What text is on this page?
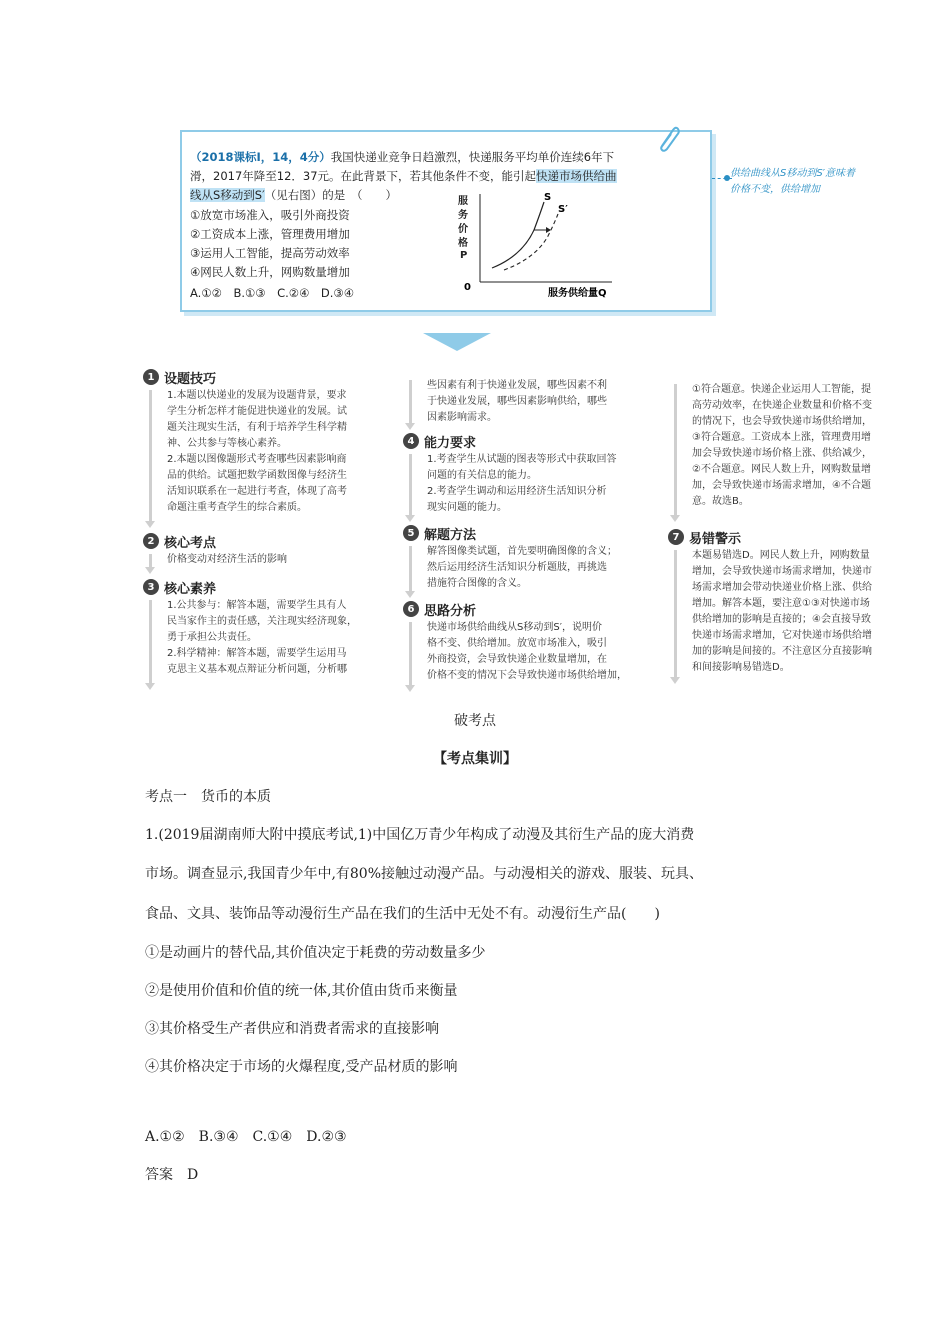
（2018课标Ⅰ，14，4分）我国快递业竞争日趋激烈，快递服务平均单价连续6年下
滑，2017年降至12．37元。在此背景下，若其他条件不变，能引起快递市场供给曲
线从S移动到S′（见右图）的是　（　　）
①放宽市场准入，吸引外商投资
②工资成本上涨，管理费用增加
③运用人工智能，提高劳动效率
④网民人数上升，网购数量增加
A.①②　B.①③　C.②④　D.③④
服
务
价
格
P
0
服务供给量Q
S
S′
供给曲线从S移动到S′意味着
价格不变，供给增加
1 设题技巧

1.本题以快递业的发展为设题背景，要求

学生分析怎样才能促进快递业的发展。试

题关注现实生活，有利于培养学生科学精

神、公共参与等核心素养。

2.本题以图像题形式考查哪些因素影响商

品的供给。试题把数学函数图像与经济生

活知识联系在一起进行考查，体现了高考

命题注重考查学生的综合素质。

2 核心考点

价格变动对经济生活的影响

3 核心素养

1.公共参与：解答本题，需要学生具有人

民当家作主的责任感，关注现实经济现象，

勇于承担公共责任。

2.科学精神：解答本题，需要学生运用马

克思主义基本观点辩证分析问题，分析哪

些因素有利于快递业发展，哪些因素不利

于快递业发展，哪些因素影响供给，哪些

因素影响需求。

4 能力要求

1.考查学生从试题的图表等形式中获取回答

问题的有关信息的能力。

2.考查学生调动和运用经济生活知识分析

现实问题的能力。

5 解题方法

解答图像类试题，首先要明确图像的含义；

然后运用经济生活知识分析题肢，再挑选

措施符合图像的含义。

6 思路分析

快递市场供给曲线从S移动到S′，说明价

格不变、供给增加。放宽市场准入，吸引

外商投资，会导致快递企业数量增加，在

价格不变的情况下会导致快递市场供给增加，

①符合题意。快递企业运用人工智能，提

高劳动效率，在快递企业数量和价格不变

的情况下，也会导致快递市场供给增加，

③符合题意。工资成本上涨，管理费用增

加会导致快递市场价格上涨、供给减少，

②不合题意。网民人数上升，网购数量增

加，会导致快递市场需求增加，④不合题

意。故选B。

7 易错警示

本题易错选D。网民人数上升，网购数量

增加，会导致快递市场需求增加，快递市

场需求增加会带动快递业价格上涨、供给

增加。解答本题，要注意①③对快递市场

供给增加的影响是直接的；④会直接导致

快递市场需求增加，它对快递市场供给增

加的影响是间接的。不注意区分直接影响

和间接影响易错选D。

破考点
【考点集训】
考点一　货币的本质
1.(2019届湖南师大附中摸底考试,1)中国亿万青少年构成了动漫及其衍生产品的庞大消费
市场。调查显示,我国青少年中,有80%接触过动漫产品。与动漫相关的游戏、服装、玩具、
食品、文具、装饰品等动漫衍生产品在我们的生活中无处不有。动漫衍生产品(　　)
①是动画片的替代品,其价值决定于耗费的劳动数量多少
②是使用价值和价值的统一体,其价值由货币来衡量
③其价格受生产者供应和消费者需求的直接影响
④其价格决定于市场的火爆程度,受产品材质的影响
A.①②　B.③④　C.①④　D.②③
答案　D
